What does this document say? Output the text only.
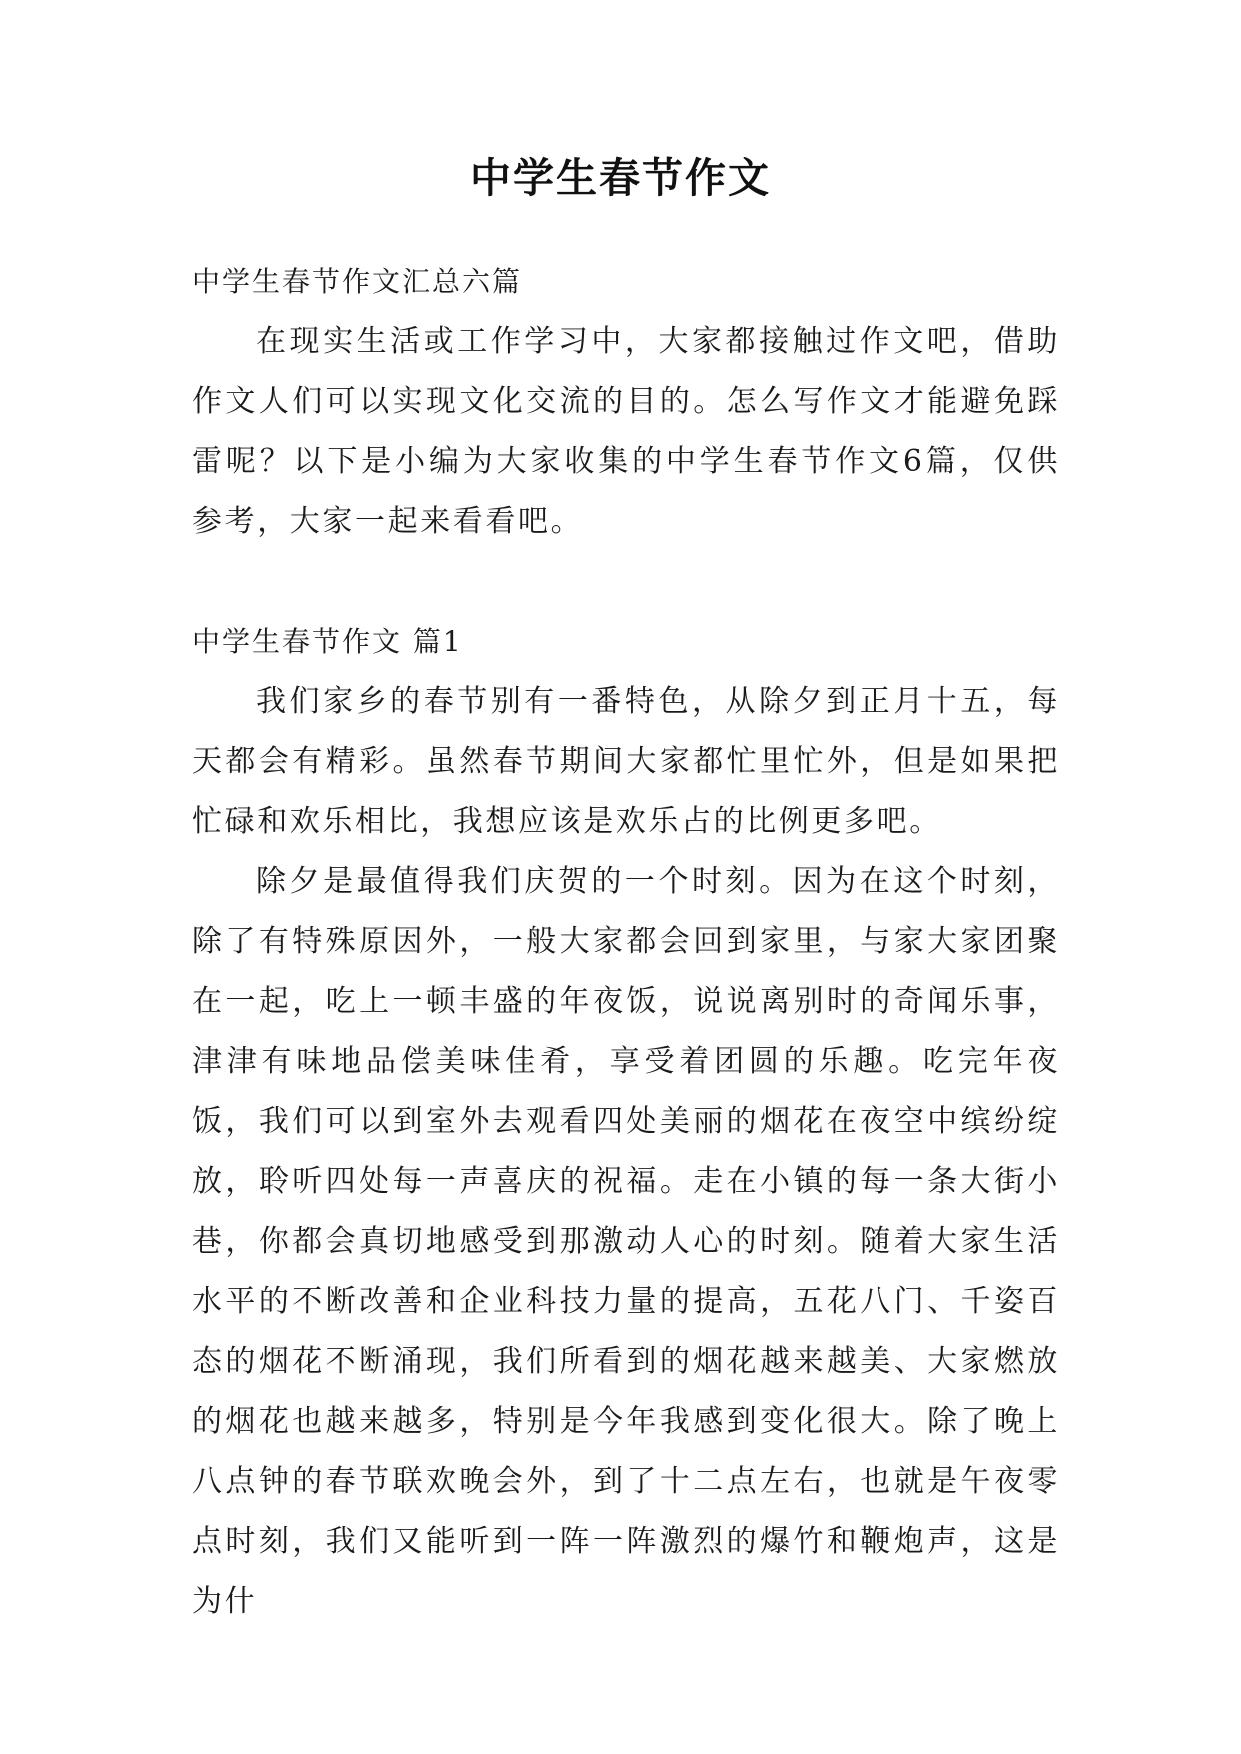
中学生春节作文

中学生春节作文汇总六篇

在现实生活或工作学习中，大家都接触过作文吧，借助作文人们可以实现文化交流的目的。怎么写作文才能避免踩雷呢？以下是小编为大家收集的中学生春节作文6篇，仅供参考，大家一起来看看吧。

中学生春节作文 篇1

我们家乡的春节别有一番特色，从除夕到正月十五，每天都会有精彩。虽然春节期间大家都忙里忙外，但是如果把忙碌和欢乐相比，我想应该是欢乐占的比例更多吧。

除夕是最值得我们庆贺的一个时刻。因为在这个时刻，除了有特殊原因外，一般大家都会回到家里，与家大家团聚在一起，吃上一顿丰盛的年夜饭，说说离别时的奇闻乐事，津津有味地品偿美味佳肴，享受着团圆的乐趣。吃完年夜饭，我们可以到室外去观看四处美丽的烟花在夜空中缤纷绽放，聆听四处每一声喜庆的祝福。走在小镇的每一条大街小巷，你都会真切地感受到那激动人心的时刻。随着大家生活水平的不断改善和企业科技力量的提高，五花八门、千姿百态的烟花不断涌现，我们所看到的烟花越来越美、大家燃放的烟花也越来越多，特别是今年我感到变化很大。除了晚上八点钟的春节联欢晚会外，到了十二点左右，也就是午夜零点时刻，我们又能听到一阵一阵激烈的爆竹和鞭炮声，这是为什
